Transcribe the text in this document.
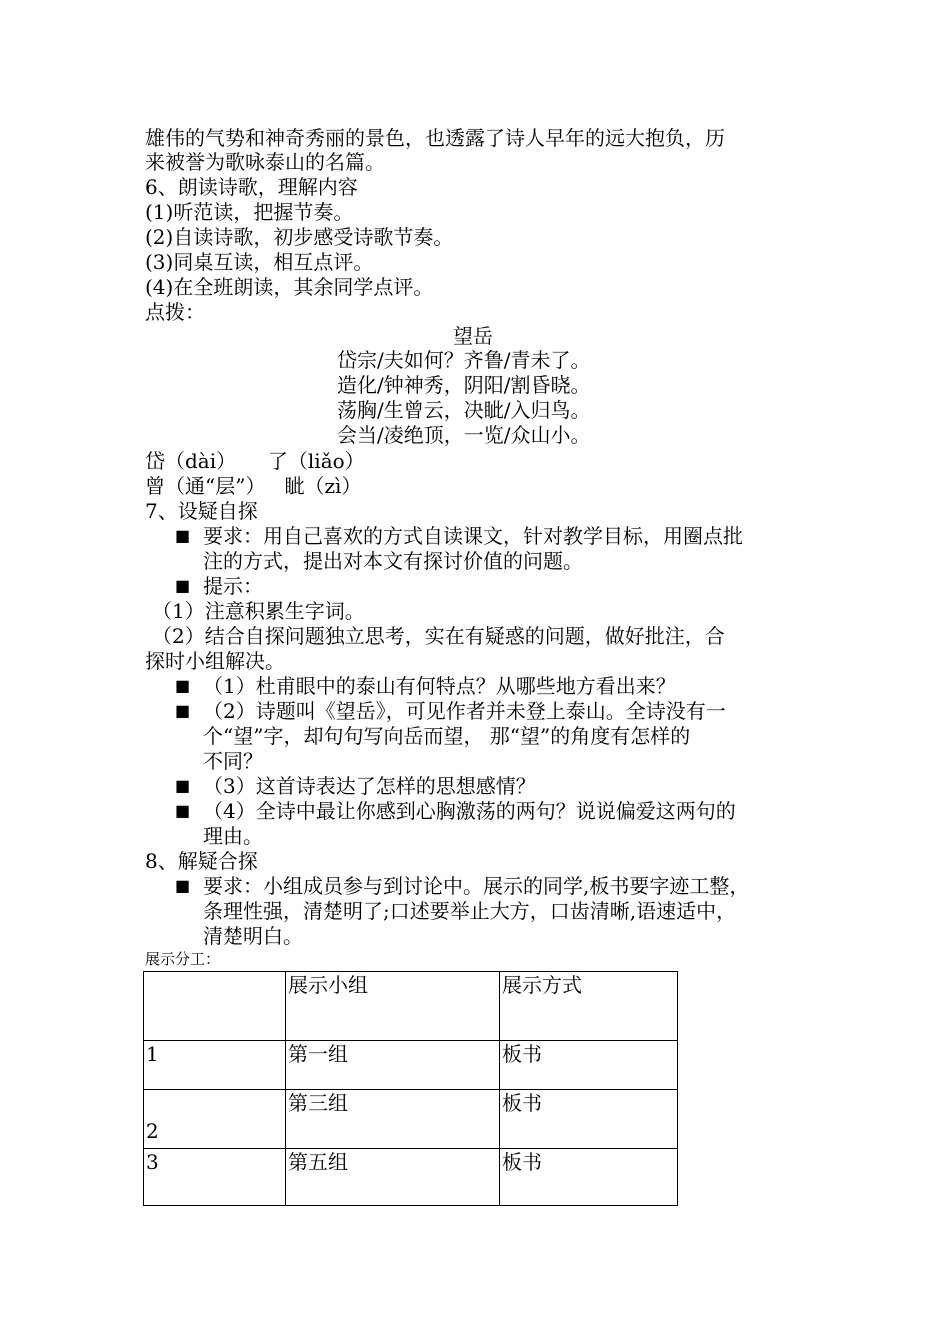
雄伟的气势和神奇秀丽的景色，也透露了诗人早年的远大抱负，历
来被誉为歌咏泰山的名篇。
6、朗读诗歌，理解内容
(1)听范读，把握节奏。
(2)自读诗歌，初步感受诗歌节奏。
(3)同桌互读，相互点评。
(4)在全班朗读，其余同学点评。
点拨：
望岳
岱宗/夫如何？齐鲁/青未了。
造化/钟神秀，阴阳/割昏晓。
荡胸/生曾云，决眦/入归鸟。
会当/凌绝顶，一览/众山小。
岱（dài）     了（liǎo）
曾（通“层”）   眦（zì）
7、设疑自探
■ 要求：用自己喜欢的方式自读课文，针对教学目标，用圈点批
注的方式，提出对本文有探讨价值的问题。
■ 提示：
（1）注意积累生字词。
（2）结合自探问题独立思考，实在有疑惑的问题，做好批注，合
探时小组解决。
■ （1）杜甫眼中的泰山有何特点？从哪些地方看出来？
■ （2）诗题叫《望岳》，可见作者并未登上泰山。全诗没有一
个“望”字，却句句写向岳而望， 那“望”的角度有怎样的
不同？
■ （3）这首诗表达了怎样的思想感情？
■ （4）全诗中最让你感到心胸激荡的两句？说说偏爱这两句的
理由。
8、解疑合探
■ 要求：小组成员参与到讨论中。展示的同学,板书要字迹工整，
条理性强，清楚明了;口述要举止大方，口齿清晰,语速适中，
清楚明白。
展示分工：
	展示小组	展示方式
1	第一组	板书
2	第三组	板书
3	第五组	板书
